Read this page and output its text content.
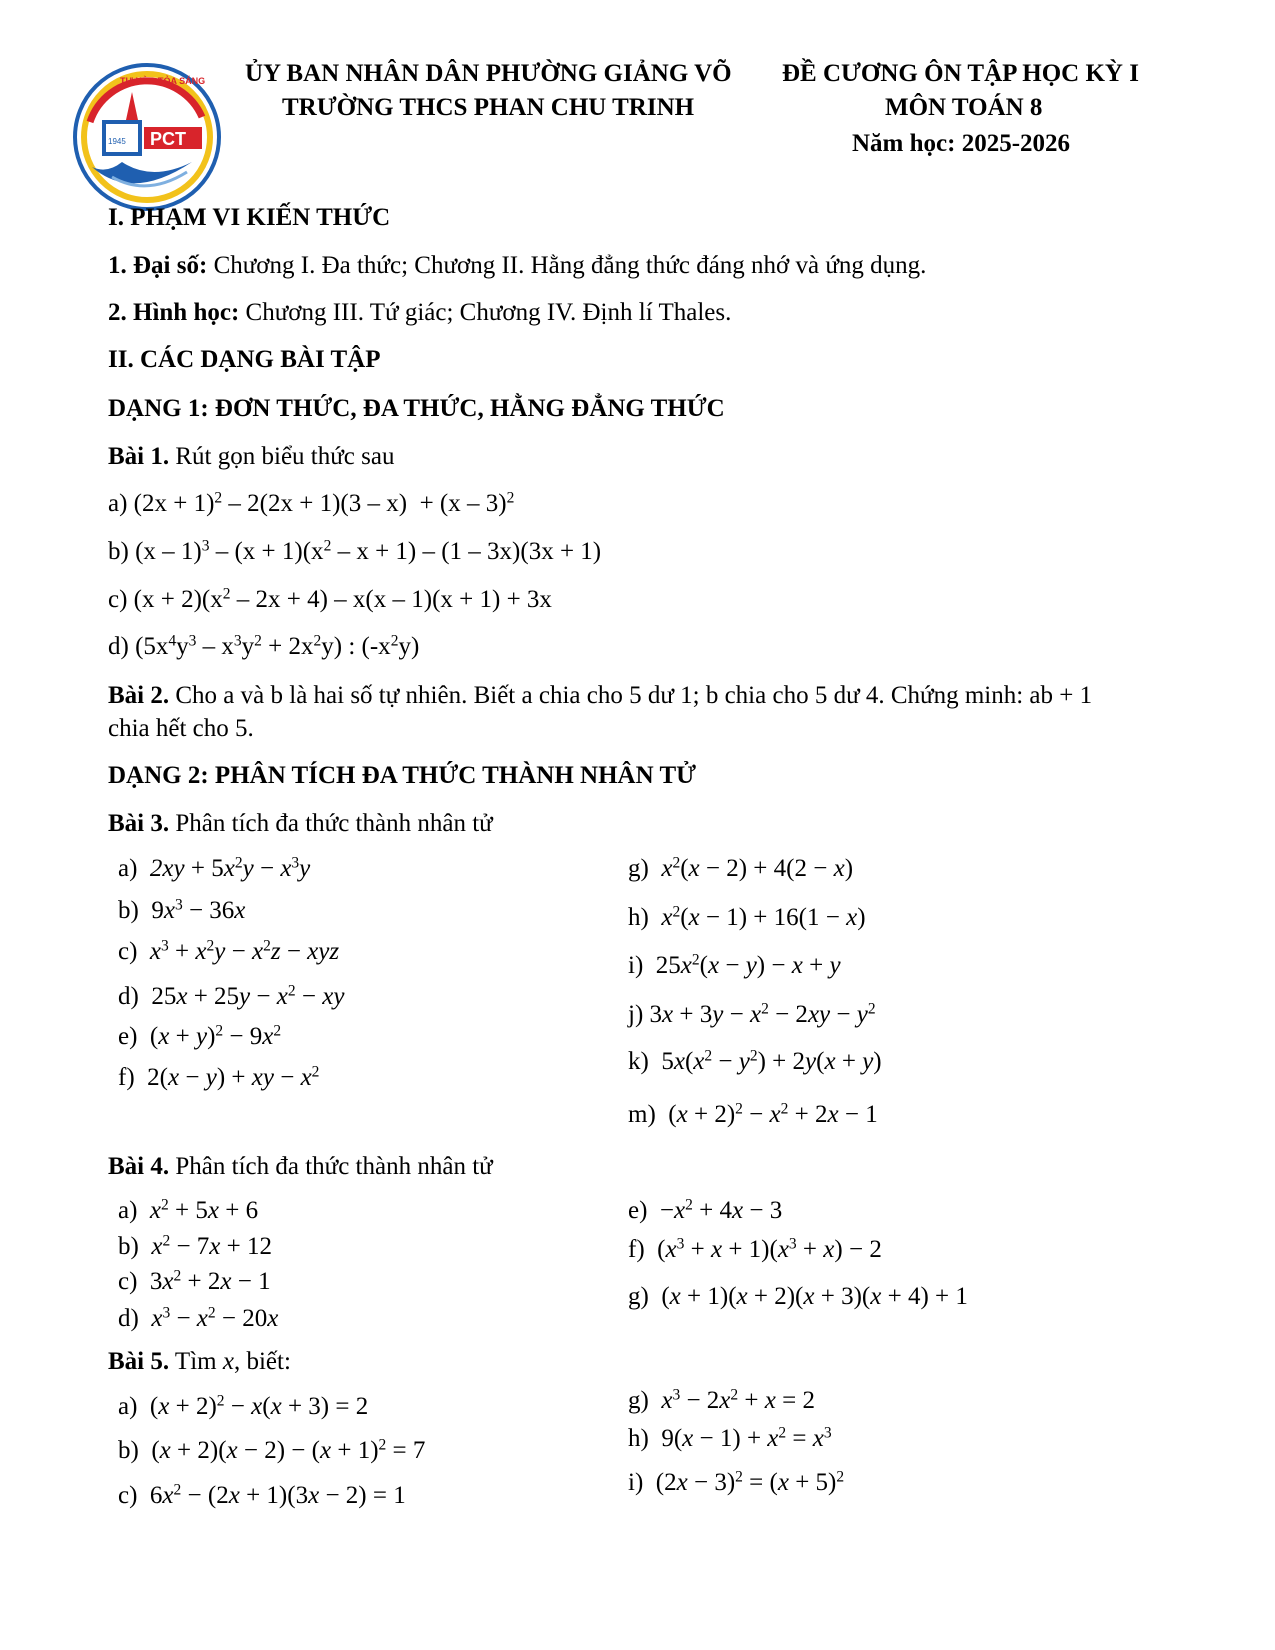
TỰ HÀO TỎA SÁNG
1945 PCT
ỦY BAN NHÂN DÂN PHƯỜNG GIẢNG VÕ
TRƯỜNG THCS PHAN CHU TRINH
ĐỀ CƯƠNG ÔN TẬP HỌC KỲ I
MÔN TOÁN 8
Năm học: 2025-2026
I. PHẠM VI KIẾN THỨC
1. Đại số: Chương I. Đa thức; Chương II. Hằng đẳng thức đáng nhớ và ứng dụng.
2. Hình học: Chương III. Tứ giác; Chương IV. Định lí Thales.
II. CÁC DẠNG BÀI TẬP
DẠNG 1: ĐƠN THỨC, ĐA THỨC, HẰNG ĐẲNG THỨC
Bài 1. Rút gọn biểu thức sau
a) $(2x + 1)^2 - 2(2x + 1)(3 - x) + (x - 3)^2$
b) $(x - 1)^3 - (x + 1)(x^2 - x + 1) - (1 - 3x)(3x + 1)$
c) $(x + 2)(x^2 - 2x + 4) - x(x - 1)(x + 1) + 3x$
d) $(5x^4y^3 - x^3y^2 + 2x^2y)$ : $(-x^2y)$
Bài 2. Cho a và b là hai số tự nhiên. Biết a chia cho 5 dư 1; b chia cho 5 dư 4. Chứng minh: ab + 1
chia hết cho 5.
DẠNG 2: PHÂN TÍCH ĐA THỨC THÀNH NHÂN TỬ
Bài 3. Phân tích đa thức thành nhân tử
a)  $2xy + 5x^2y - x^3y$
b)  $9x^3 - 36x$
c)  $x^3 + x^2y - x^2z$ − xyz
d)  $25x + 25y - x^2$ − xy
e)  $(x + y)^2 - 9x^2$
f)  2(x − y) + xy − $x^2$
g)  $x^2(x - 2) + 4(2 - x)$
h)  $x^2(x - 1) + 16(1 - x)$
i)  $25x^2(x - y) - x + y$
j) $3x + 3y - x^2 - 2xy - y^2$
k)  $5x(x^2 - y^2) + 2y(x + y)$
m)  $(x + 2)^2 - x^2 + 2x - 1$
Bài 4. Phân tích đa thức thành nhân tử
a)  $x^2 + 5x + 6$
b)  $x^2 - 7x + 12$
c)  $3x^2 + 2x - 1$
d)  $x^3 - x^2 - 20x$
$e) -x^2 + 4x - 3$
f)  $(x^3 + x + 1)(x^3 + x) - 2$
g)  (x + 1)(x + 2)(x + 3)(x + 4) + 1
Bài 5. Tìm x, biết:
a)  $(x + 2)^2 - x(x + 3) = 2$
b)  $(x + 2)(x - 2) - (x + 1)^2 = 7$
c)  $6x^2 - (2x + 1)(3x - 2) = 1$
g)  $x^3 - 2x^2 + x = 2$
h)  $9(x - 1) + x^2 = x^3$
i)  $(2x - 3)^2 = (x + 5)^2$
